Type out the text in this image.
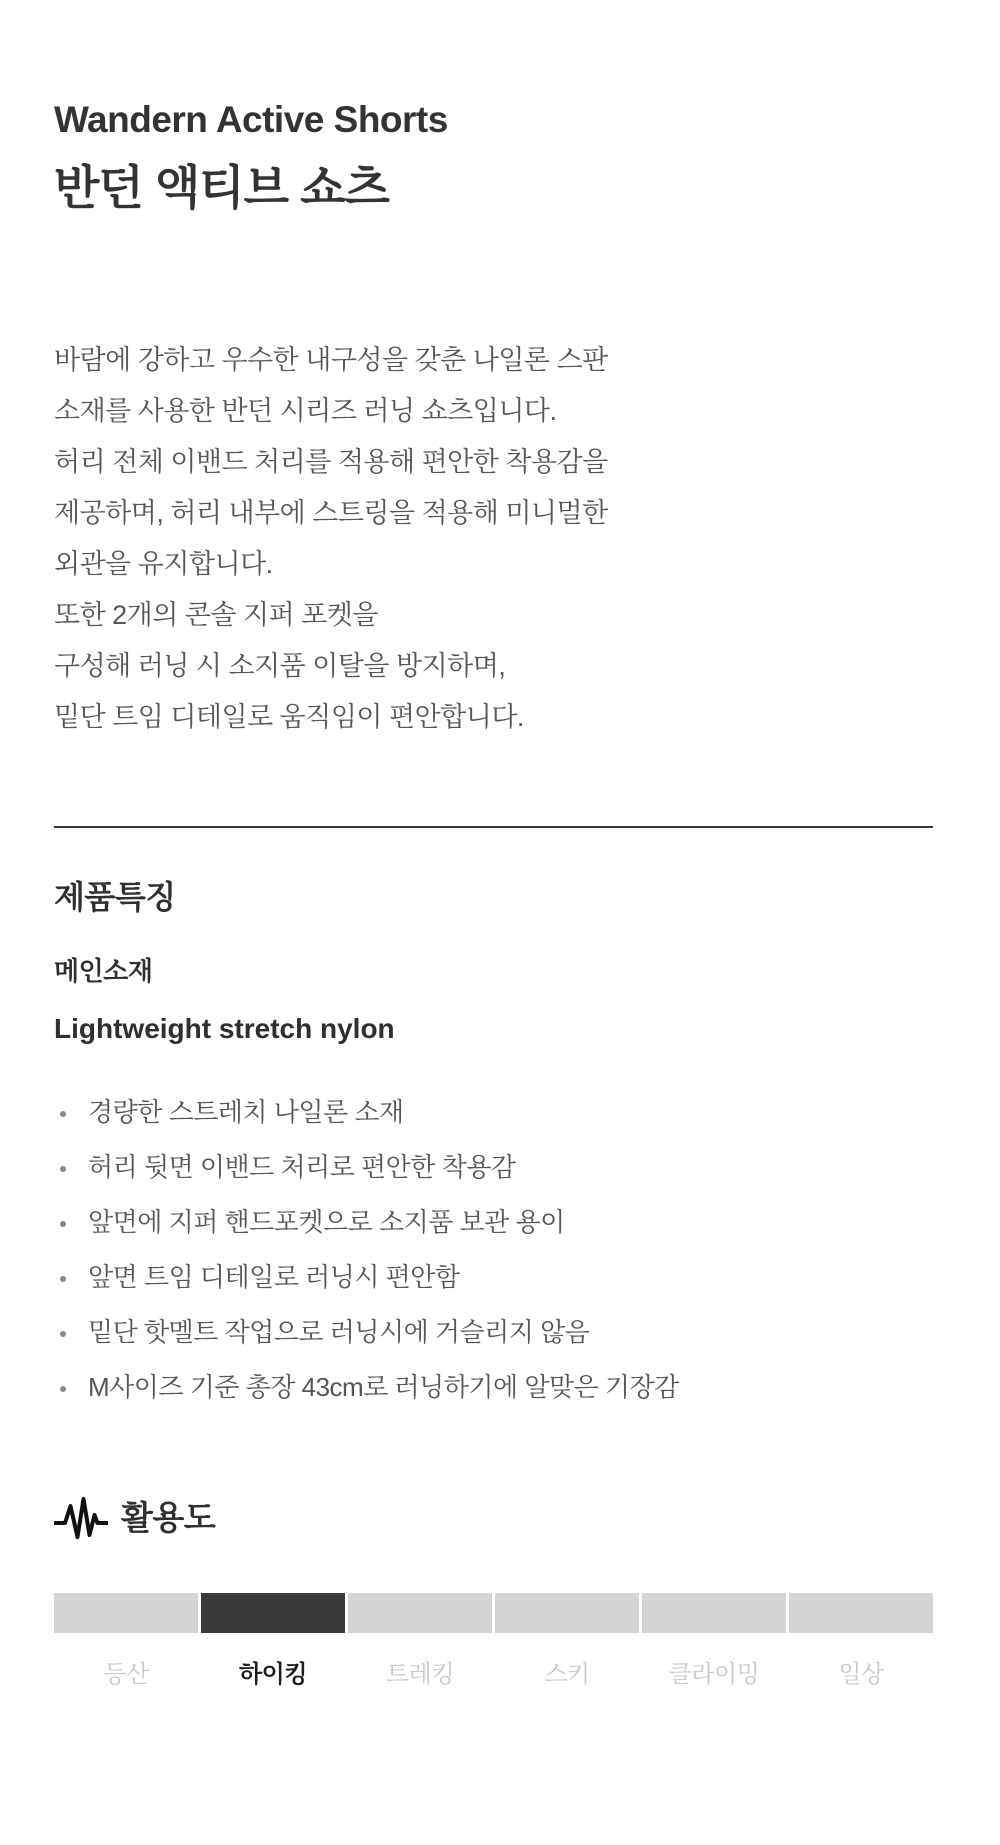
Wandern Active Shorts
반던 액티브 쇼츠
바람에 강하고 우수한 내구성을 갖춘 나일론 스판
소재를 사용한 반던 시리즈 러닝 쇼츠입니다.
허리 전체 이밴드 처리를 적용해 편안한 착용감을
제공하며, 허리 내부에 스트링을 적용해 미니멀한
외관을 유지합니다.
또한 2개의 콘솔 지퍼 포켓을
구성해 러닝 시 소지품 이탈을 방지하며,
밑단 트임 디테일로 움직임이 편안합니다.
제품특징
메인소재
Lightweight stretch nylon
경량한 스트레치 나일론 소재
허리 뒷면 이밴드 처리로 편안한 착용감
앞면에 지퍼 핸드포켓으로 소지품 보관 용이
앞면 트임 디테일로 러닝시 편안함
밑단 핫멜트 작업으로 러닝시에 거슬리지 않음
M사이즈 기준 총장 43cm로 러닝하기에 알맞은 기장감
활용도
등산	하이킹	트레킹	스키	클라이밍	일상
